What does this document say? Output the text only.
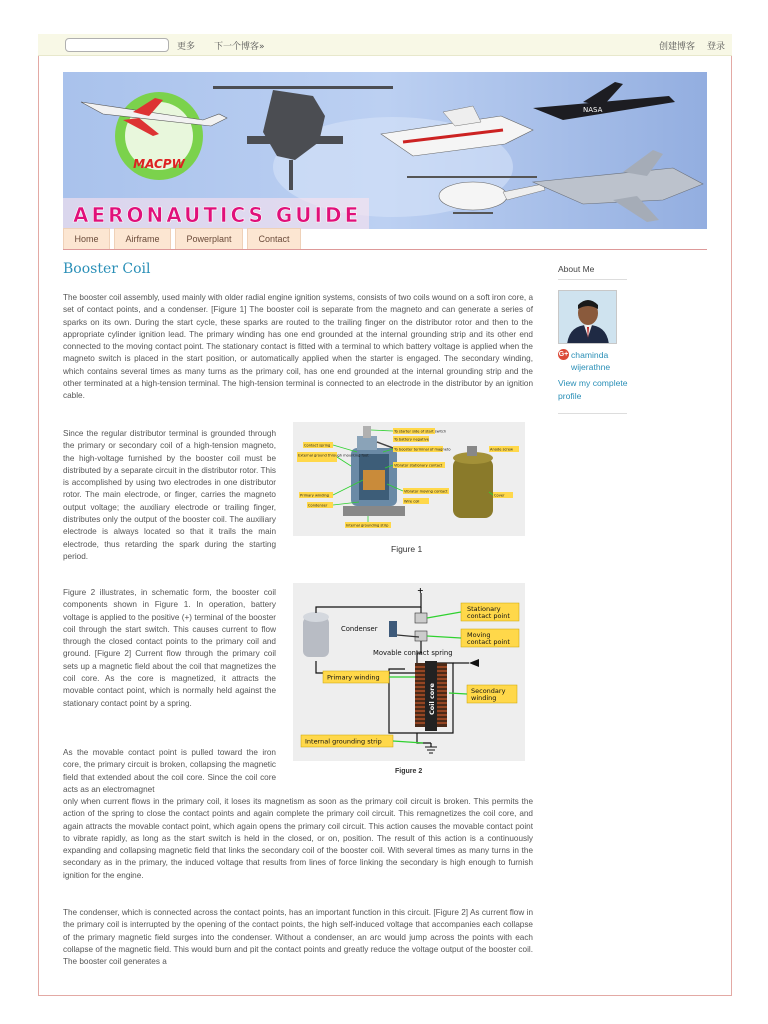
更多 下一个博客»	创建博客 登录
MACPW
NASA
AERONAUTICS GUIDE
Home	Airframe	Powerplant	Contact
Booster Coil

The booster coil assembly, used mainly with older radial engine ignition systems, consists of two coils wound on a soft iron core, a set of contact points, and a condenser. [Figure 1] The booster coil is separate from the magneto and can generate a series of sparks on its own. During the start cycle, these sparks are routed to the trailing finger on the distributor rotor and then to the appropriate cylinder ignition lead. The primary winding has one end grounded at the internal grounding strip and its other end connected to the moving contact point. The stationary contact is fitted with a terminal to which battery voltage is applied when the magneto switch is placed in the start position, or automatically applied when the starter is engaged. The secondary winding, which contains several times as many turns as the primary coil, has one end grounded at the internal grounding strip and the other terminated at a high-tension terminal. The high-tension terminal is connected to an electrode in the distributor by an ignition cable.

Since the regular distributor terminal is grounded through the primary or secondary coil of a high-tension magneto, the high-voltage furnished by the booster coil must be distributed by a separate circuit in the distributor rotor. This is accomplished by using two electrodes in one distributor rotor. The main electrode, or finger, carries the magneto output voltage; the auxiliary electrode or trailing finger, distributes only the output of the booster coil. The auxiliary electrode is always located so that it trails the main electrode, thus retarding the spark during the starting period.

Figure 2 illustrates, in schematic form, the booster coil components shown in Figure 1. In operation, battery voltage is applied to the positive (+) terminal of the booster coil through the start switch. This causes current to flow through the closed contact points to the primary coil and ground. [Figure 2] Current flow through the primary coil sets up a magnetic field about the coil that magnetizes the coil core. As the core is magnetized, it attracts the movable contact point, which is normally held against the stationary contact point by a spring.

As the movable contact point is pulled toward the iron core, the primary circuit is broken, collapsing the magnetic field that extended about the coil core. Since the coil core acts as an electromagnet

only when current flows in the primary coil, it loses its magnetism as soon as the primary coil circuit is broken. This permits the action of the spring to close the contact points and again complete the primary coil circuit. This remagnetizes the coil core, and again attracts the movable contact point, which again opens the primary coil circuit. This action causes the movable contact point to vibrate rapidly, as long as the start switch is held in the closed, or on, position. The result of this action is a continuously expanding and collapsing magnetic field that links the secondary coil of the booster coil. With several times as many turns in the secondary as in the primary, the induced voltage that results from lines of force linking the secondary is high enough to furnish ignition for the engine.

The condenser, which is connected across the contact points, has an important function in this circuit. [Figure 2] As current flow in the primary coil is interrupted by the opening of the contact points, the high self-induced voltage that accompanies each collapse of the primary magnetic field surges into the condenser. Without a condenser, an arc would jump across the points with each collapse of the magnetic field. This would burn and pit the contact points and greatly reduce the voltage output of the booster coil. The booster coil generates a

To starter side of start switch
To battery negative
Contact spring
External ground through mounting foot
To booster terminal of magneto	Anode screw
Vibrator stationary contact
Primary winding
Vibrator moving contact
Condenser
Wire coil
Cover
Internal grounding strip
Figure 1
Coil core
+
Condenser
Movable contact spring
Stationary
contact point
Moving
contact point
Primary winding
Secondary
winding
Internal grounding strip
Figure 2
About Me
G+ chaminda wijerathne
View my complete profile
